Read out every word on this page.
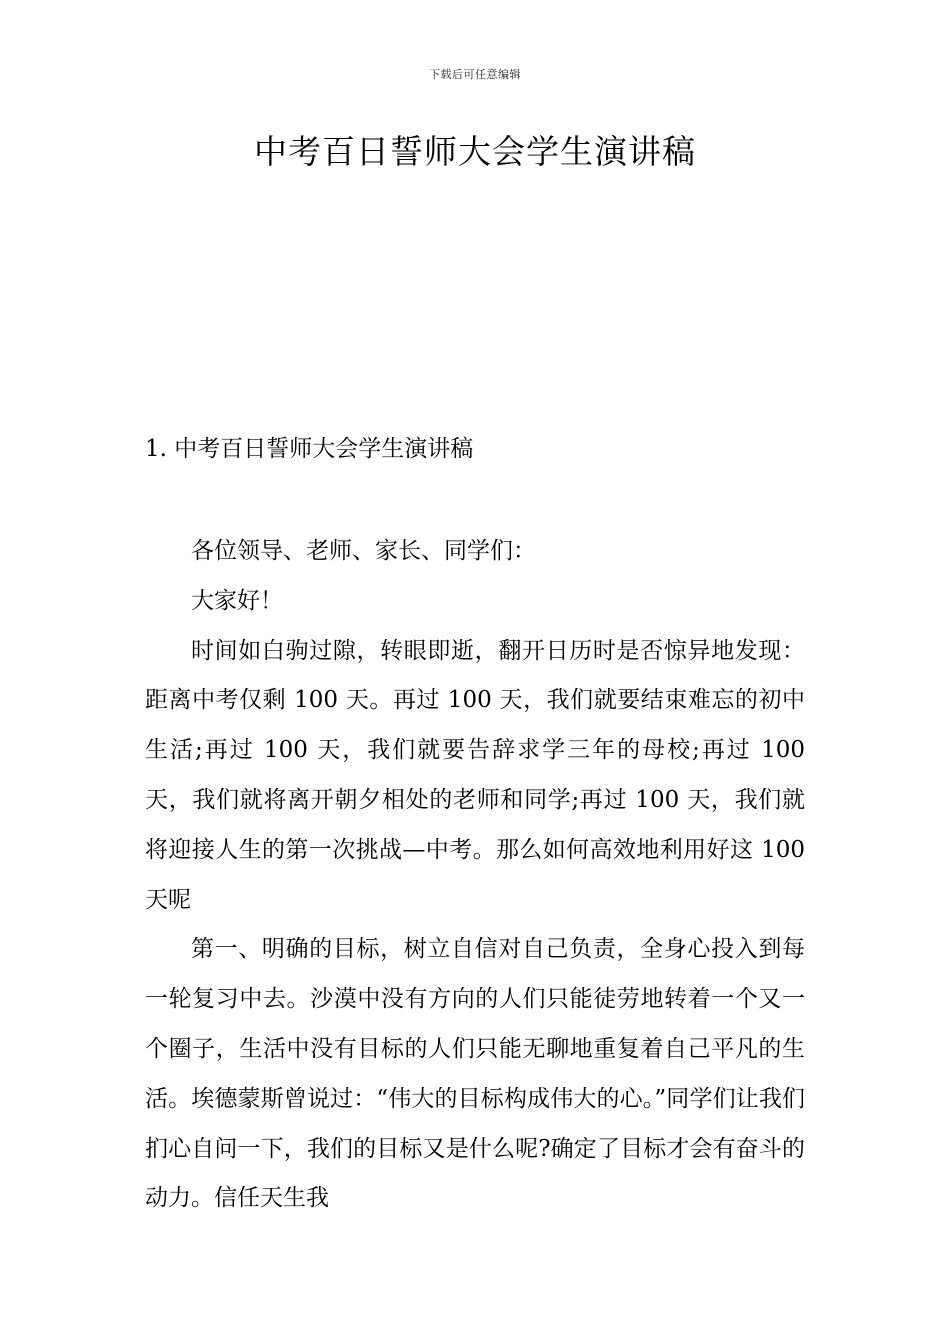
下载后可任意编辑
中考百日誓师大会学生演讲稿
1. 中考百日誓师大会学生演讲稿

各位领导、老师、家长、同学们：

大家好！

时间如白驹过隙，转眼即逝，翻开日历时是否惊异地发现：距离中考仅剩 100 天。再过 100 天，我们就要结束难忘的初中生活;再过 100 天，我们就要告辞求学三年的母校;再过 100 天，我们就将离开朝夕相处的老师和同学;再过 100 天，我们就将迎接人生的第一次挑战—中考。那么如何高效地利用好这 100 天呢

第一、明确的目标，树立自信对自己负责，全身心投入到每一轮复习中去。沙漠中没有方向的人们只能徒劳地转着一个又一个圈子，生活中没有目标的人们只能无聊地重复着自己平凡的生活。埃德蒙斯曾说过：“伟大的目标构成伟大的心。”同学们让我们扪心自问一下，我们的目标又是什么呢?确定了目标才会有奋斗的动力。信任天生我
